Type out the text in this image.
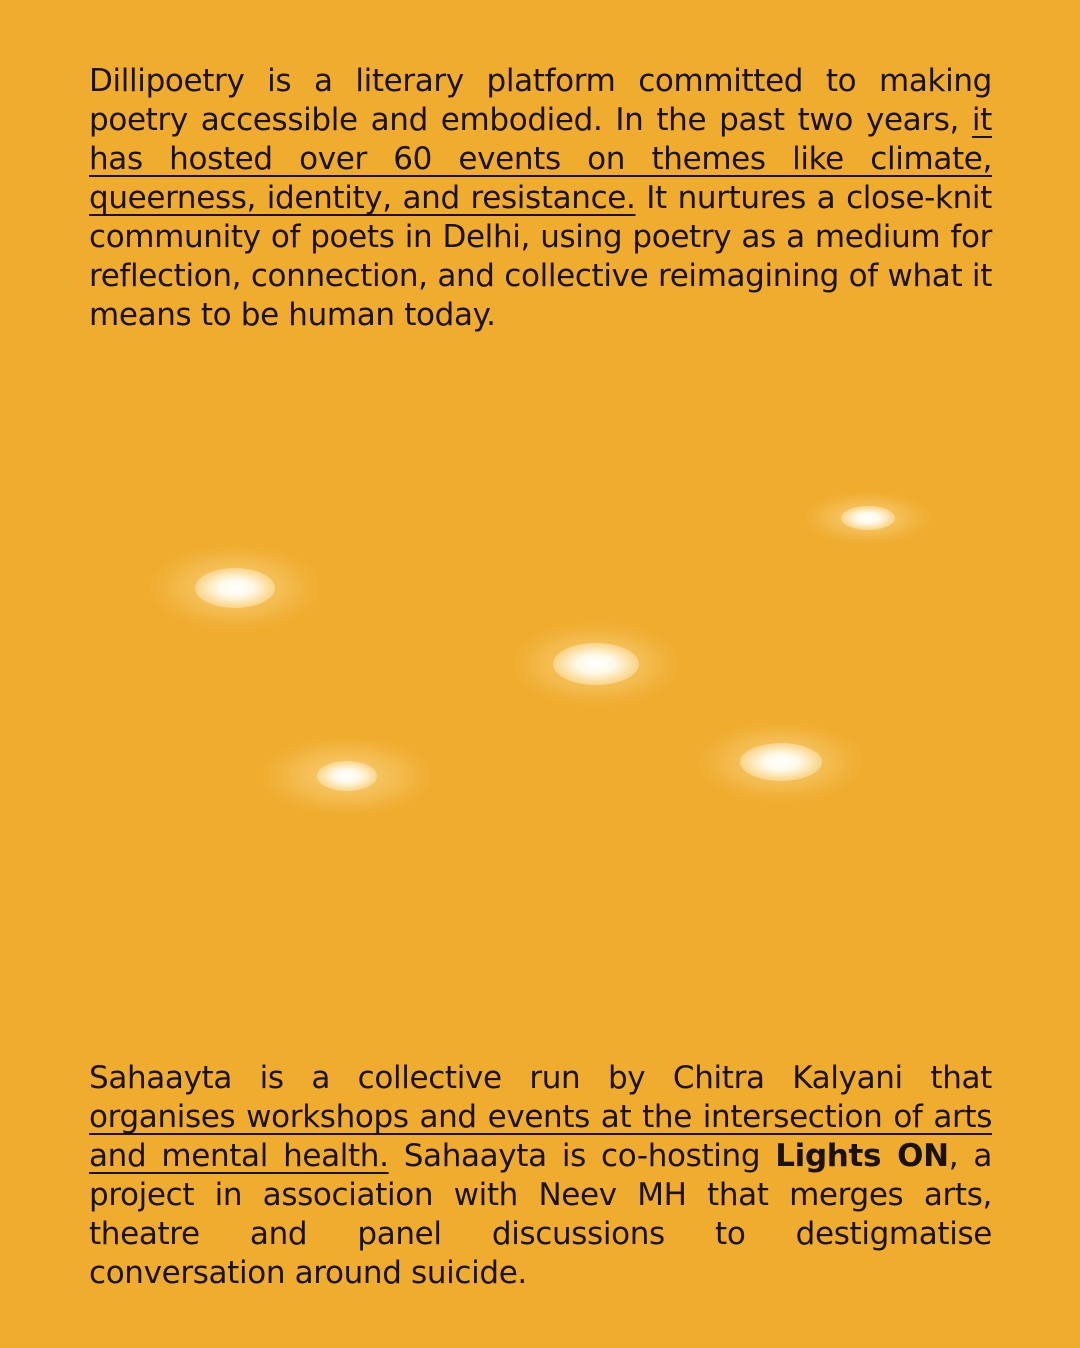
Dillipoetry is a literary platform committed to making poetry accessible and embodied. In the past two years, it has hosted over 60 events on themes like climate, queerness, identity, and resistance. It nurtures a close-knit community of poets in Delhi, using poetry as a medium for reflection, connection, and collective reimagining of what it means to be human today.

Sahaayta is a collective run by Chitra Kalyani that organises workshops and events at the intersection of arts and mental health. Sahaayta is co-hosting Lights ON, a project in association with Neev MH that merges arts, theatre and panel discussions to destigmatise conversation around suicide.
